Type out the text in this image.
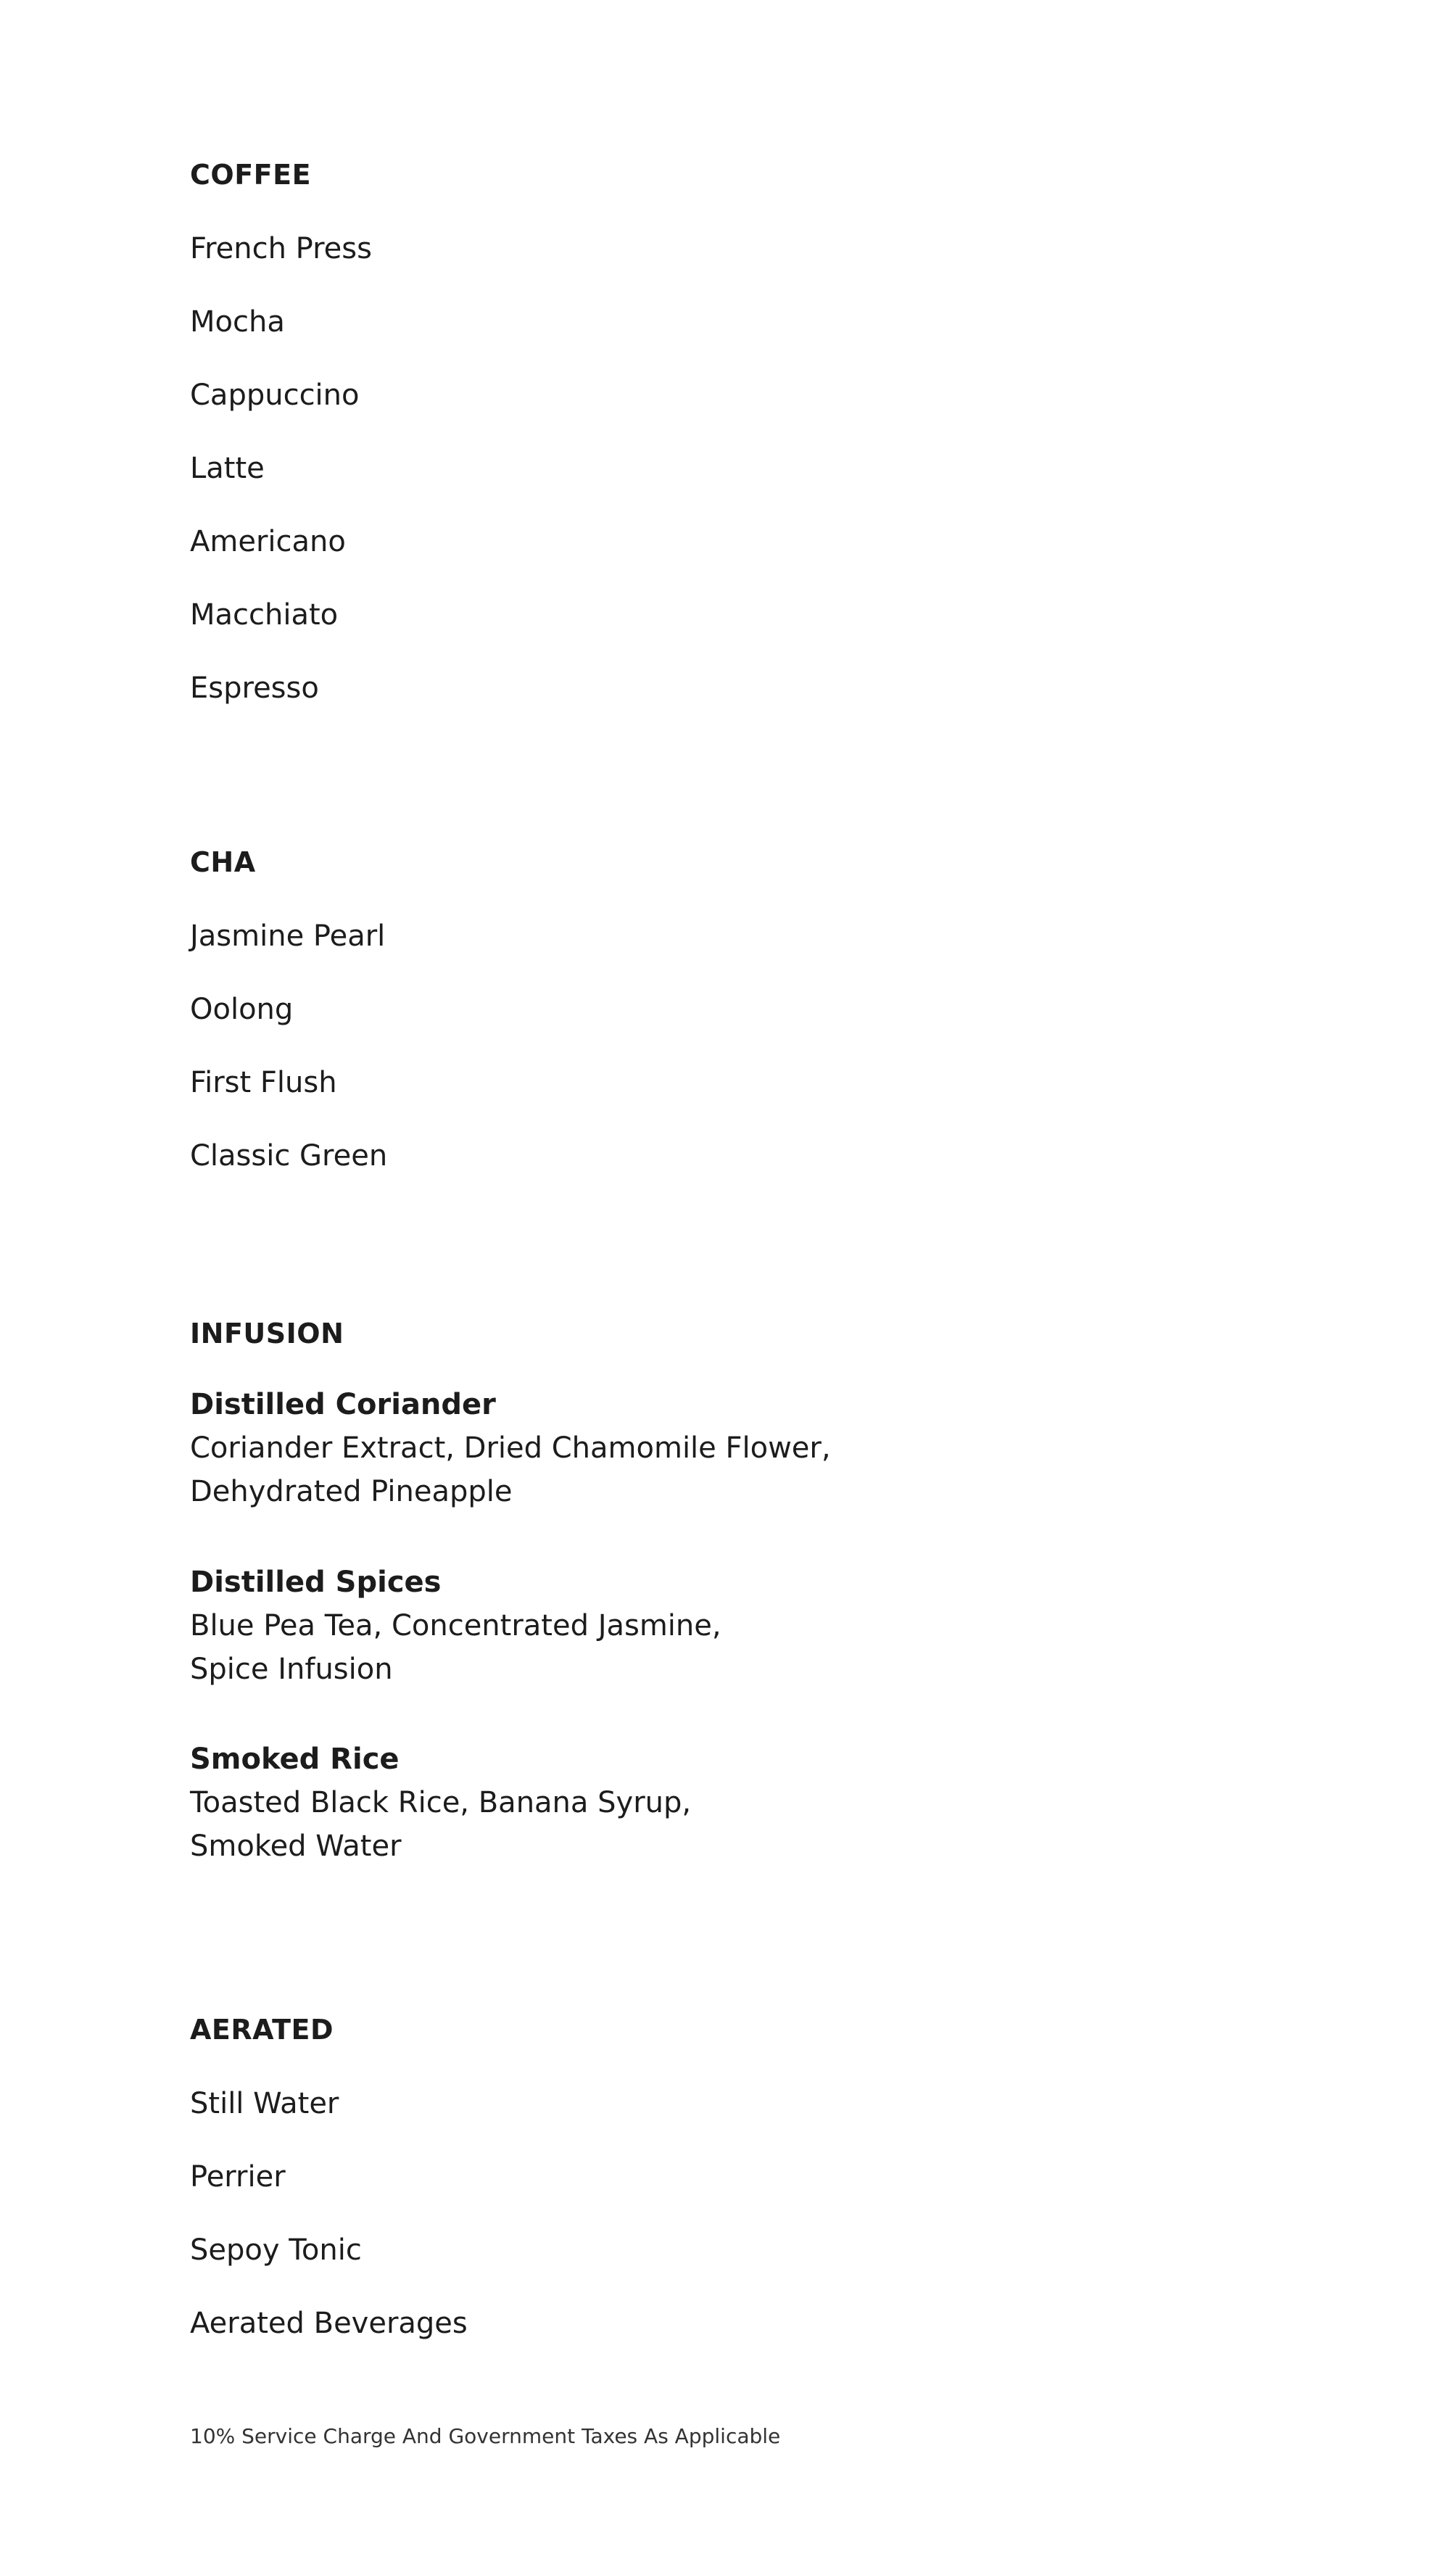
COFFEE
French Press
Mocha
Cappuccino
Latte
Americano
Macchiato
Espresso
CHA
Jasmine Pearl
Oolong
First Flush
Classic Green
INFUSION
Distilled Coriander
Coriander Extract, Dried Chamomile Flower,
Dehydrated Pineapple
Distilled Spices
Blue Pea Tea, Concentrated Jasmine,
Spice Infusion
Smoked Rice
Toasted Black Rice, Banana Syrup,
Smoked Water
AERATED
Still Water
Perrier
Sepoy Tonic
Aerated Beverages
10% Service Charge And Government Taxes As Applicable
